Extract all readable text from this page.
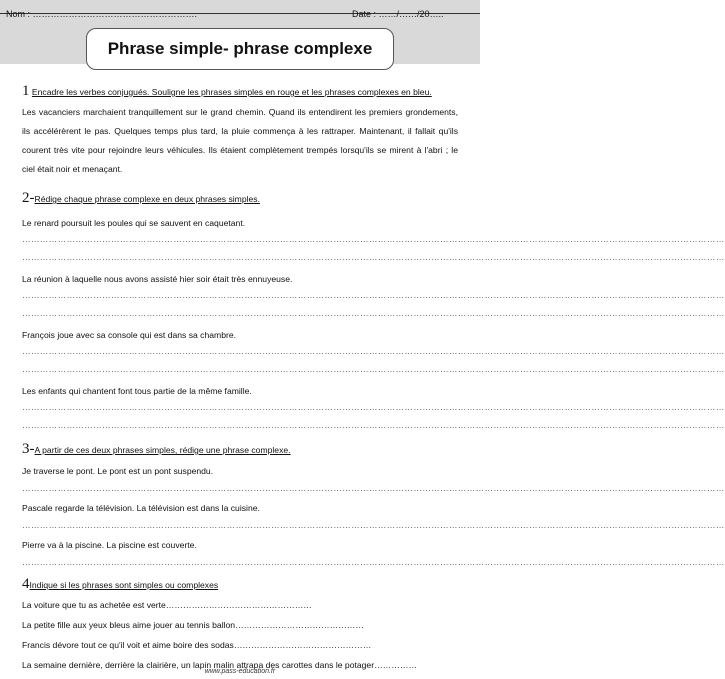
Nom : ……………………………………………….	Date : ……/……/20…..
Phrase simple- phrase complexe
1 Encadre les verbes conjugués. Souligne les phrases simples en rouge et les phrases complexes en bleu.
Les vacanciers marchaient tranquillement sur le grand chemin. Quand ils entendirent les premiers grondements, ils accélérèrent le pas. Quelques temps plus tard, la pluie commença à les rattraper. Maintenant, il fallait qu'ils courent très vite pour rejoindre leurs véhicules. Ils étaient complètement trempés lorsqu'ils se mirent à l'abri ; le ciel était noir et menaçant.
2-Rédige chaque phrase complexe en deux phrases simples.
Le renard poursuit les poules qui se sauvent en caquetant.
…………………………………………………………………………………………………………………………………………………………………………………………………………………
…………………………………………………………………………………………………………………………………………………………………………………………………………………
La réunion à laquelle nous avons assisté hier soir était très ennuyeuse.
…………………………………………………………………………………………………………………………………………………………………………………………………………………
…………………………………………………………………………………………………………………………………………………………………………………………………………………
François joue avec sa console qui est dans sa chambre.
…………………………………………………………………………………………………………………………………………………………………………………………………………………
…………………………………………………………………………………………………………………………………………………………………………………………………………………
Les enfants qui chantent font tous partie de la même famille.
…………………………………………………………………………………………………………………………………………………………………………………………………………………
…………………………………………………………………………………………………………………………………………………………………………………………………………………
3-A partir de ces deux phrases simples, rédige une phrase complexe.
Je traverse le pont. Le pont est un pont suspendu.
…………………………………………………………………………………………………………………………………………………………………………………………………………………
Pascale regarde la télévision. La télévision est dans la cuisine.
…………………………………………………………………………………………………………………………………………………………………………………………………………………
Pierre va à la piscine. La piscine est couverte.
…………………………………………………………………………………………………………………………………………………………………………………………………………………
4Indique si les phrases sont simples ou complexes
La voiture que tu as achetée est verte……………………………………………
La petite fille aux yeux bleus aime jouer au tennis ballon………………………………………
Francis dévore tout ce qu'il voit et aime boire des sodas…………………………………………
La semaine dernière, derrière la clairière, un lapin malin attrapa des carottes dans le potager……………
www.pass-education.fr
